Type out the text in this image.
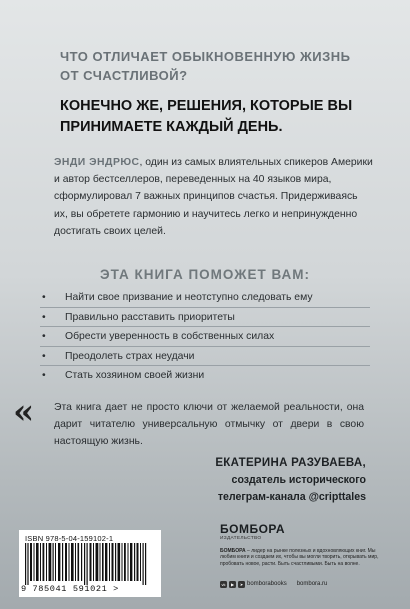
ЧТО ОТЛИЧАЕТ ОБЫКНОВЕННУЮ ЖИЗНЬ
ОТ СЧАСТЛИВОЙ?
КОНЕЧНО ЖЕ, РЕШЕНИЯ, КОТОРЫЕ ВЫ
ПРИНИМАЕТЕ КАЖДЫЙ ДЕНЬ.
ЭНДИ ЭНДРЮС, один из самых влиятельных спикеров Америки и автор бестселлеров, переведенных на 40 языков мира, сформулировал 7 важных принципов счастья. Придерживаясь их, вы обретете гармонию и научитесь легко и непринужденно достигать своих целей.
ЭТА КНИГА ПОМОЖЕТ ВАМ:
• Найти свое призвание и неотступно следовать ему
• Правильно расставить приоритеты
• Обрести уверенность в собственных силах
• Преодолеть страх неудачи
• Стать хозяином своей жизни
« Эта книга дает не просто ключи от желаемой реальности, она дарит читателю универсальную отмычку от двери в свою настоящую жизнь.
ЕКАТЕРИНА РАЗУВАЕВА,
создатель исторического
телеграм-канала @cripttales
ISBN 978-5-04-159102-1
9 785041 591021 >
БОМБОРА
ИЗДАТЕЛЬСТВО
БОМБОРА – лидер на рынке полезных и вдохновляющих книг. Мы любим книги и создаем их, чтобы вы могли творить, открывать мир, пробовать новое, расти. Быть счастливыми. Быть на волне.
vk	▶	➤ bomborabooks bombora.ru
